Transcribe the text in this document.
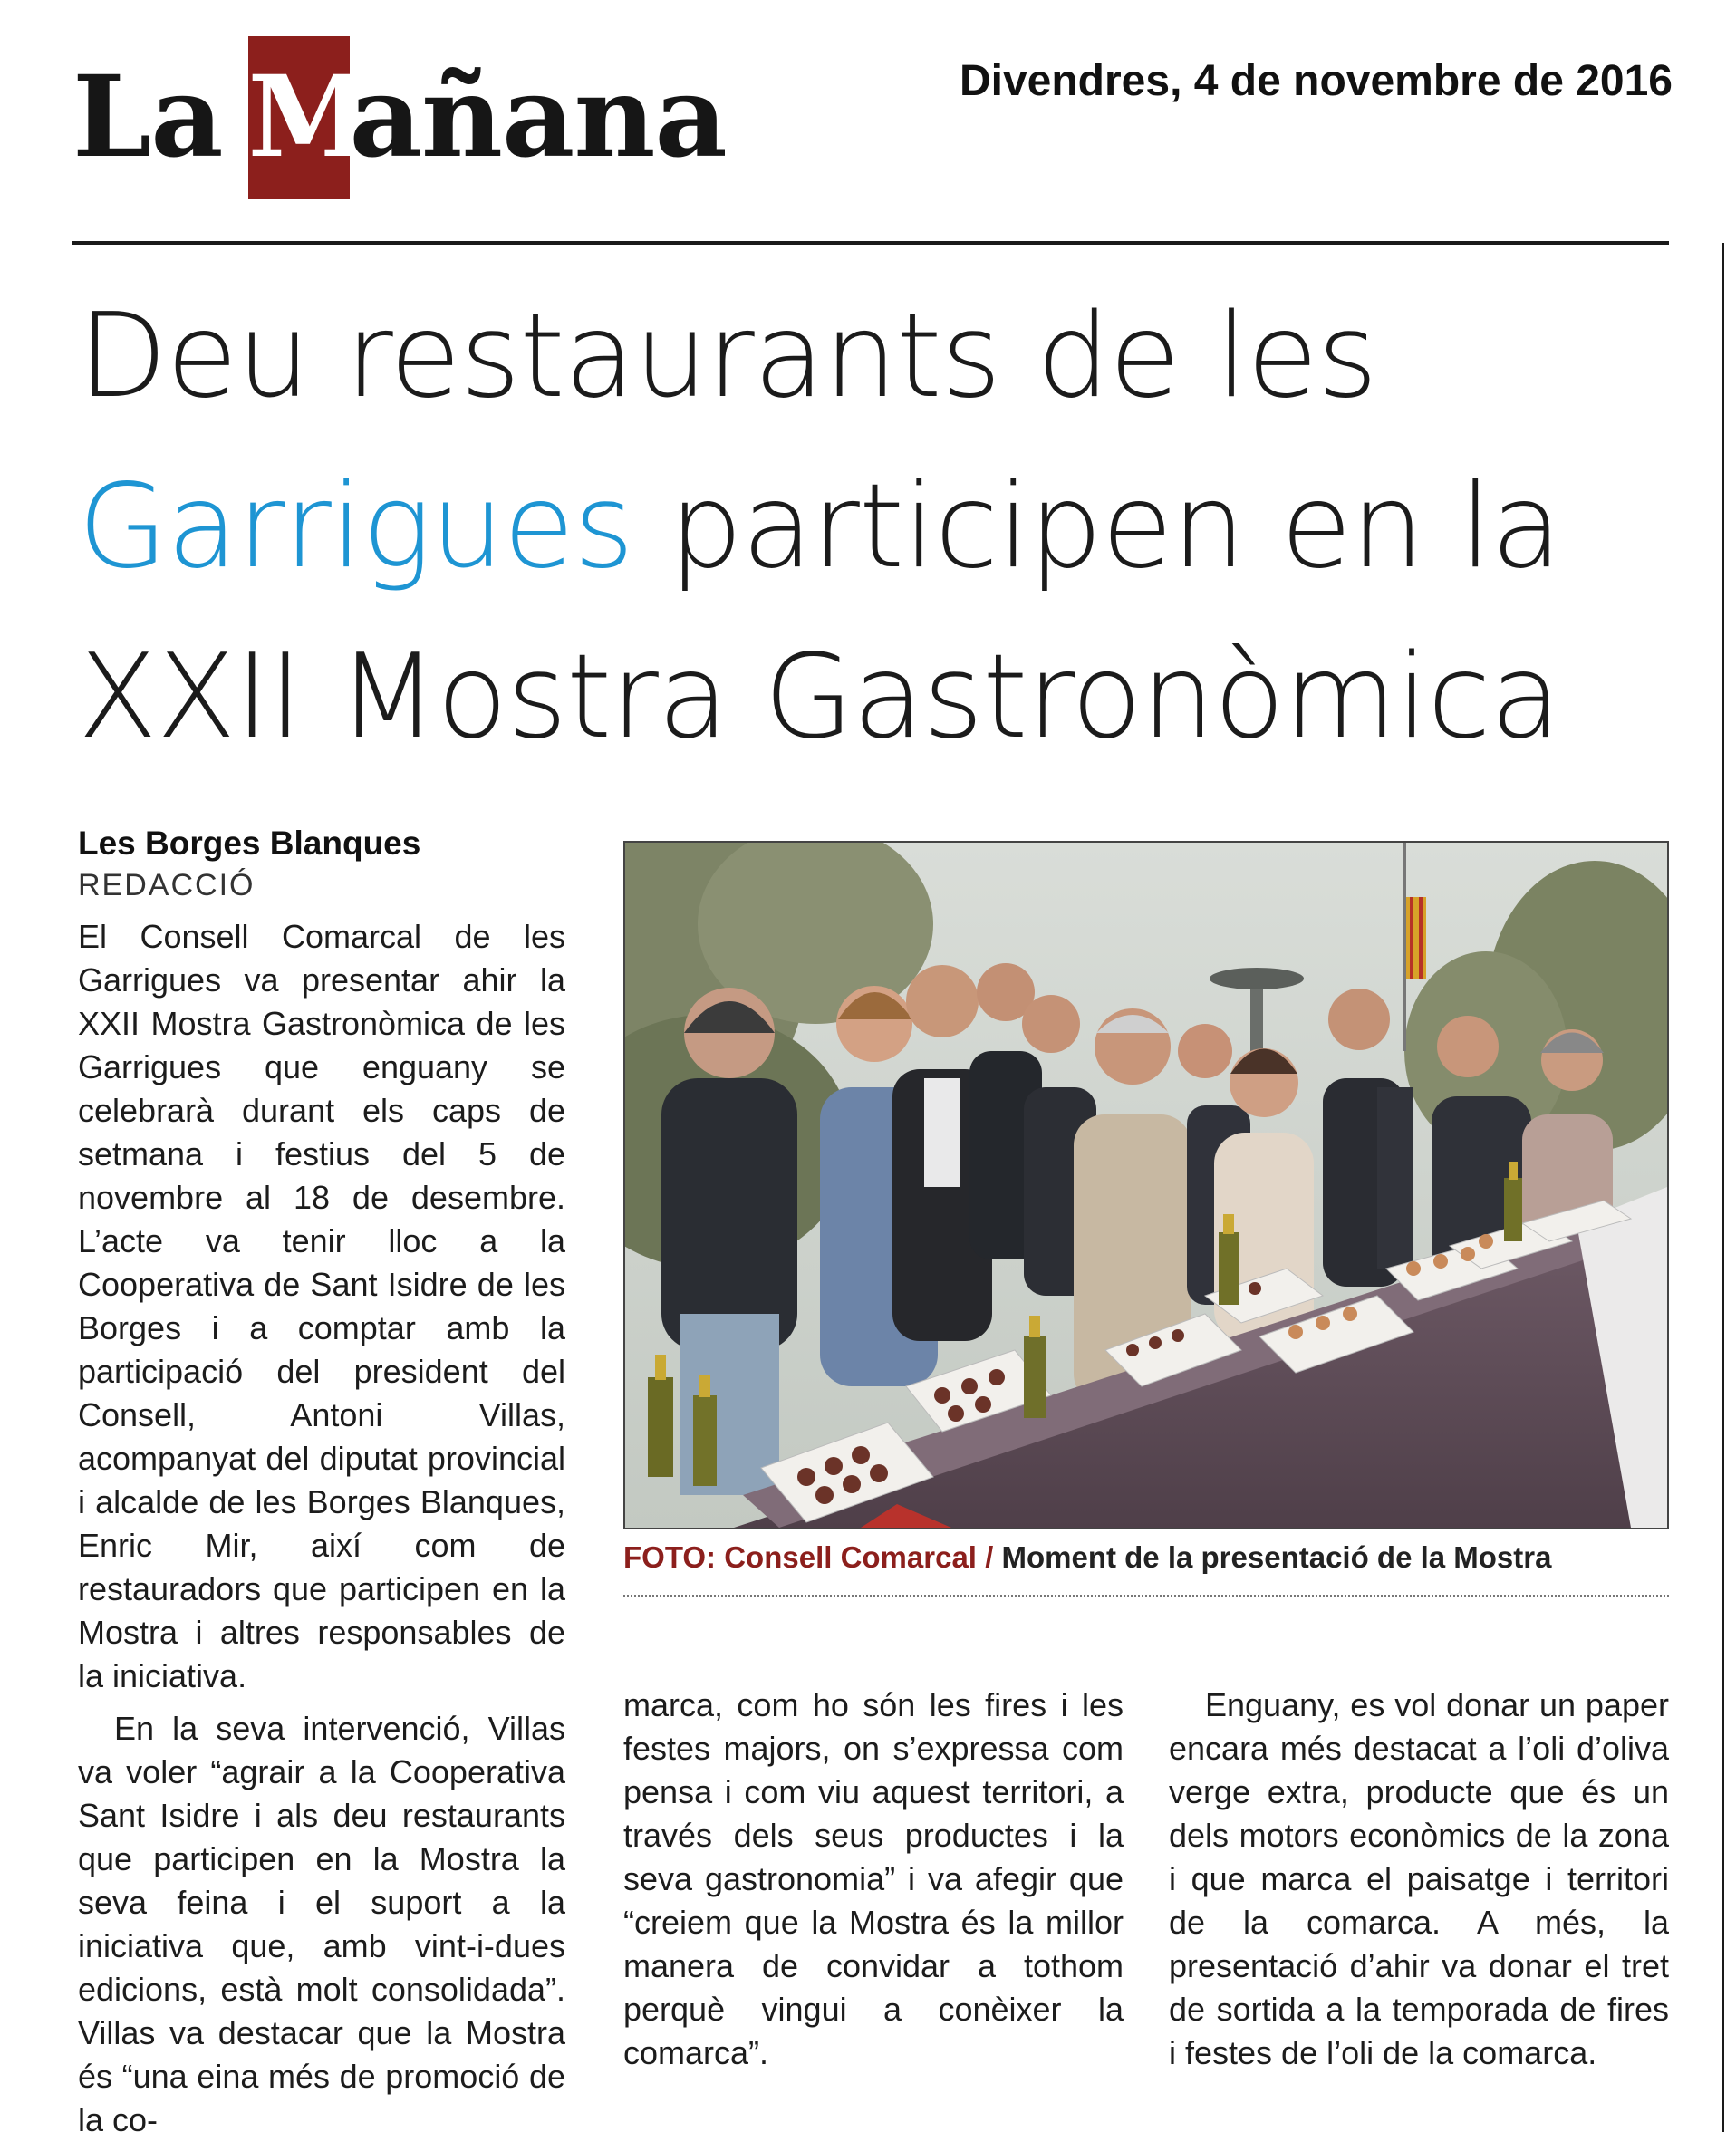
La Mañana	Divendres, 4 de novembre de 2016
Deu restaurants de les
Garrigues participen en la
XXII Mostra Gastronòmica
Les Borges Blanques
REDACCIÓ

El Consell Comarcal de les Garrigues va presentar ahir la XXII Mostra Gastronòmica de les Garrigues que enguany se celebrarà durant els caps de setmana i festius del 5 de novembre al 18 de desembre. L’acte va tenir lloc a la Cooperativa de Sant Isidre de les Borges i a comptar amb la participació del president del Consell, Antoni Villas, acompanyat del diputat provincial i alcalde de les Borges Blanques, Enric Mir, així com de restauradors que participen en la Mostra i altres responsables de la iniciativa.

En la seva intervenció, Villas va voler “agrair a la Cooperativa Sant Isidre i als deu restaurants que participen en la Mostra la seva feina i el suport a la iniciativa que, amb vint-i-dues edicions, està molt consolidada”. Villas va destacar que la Mostra és “una eina més de promoció de la co-

FOTO: Consell Comarcal / Moment de la presentació de la Mostra

marca, com ho són les fires i les festes majors, on s’expressa com pensa i com viu aquest territori, a través dels seus productes i la seva gastronomia” i va afegir que “creiem que la Mostra és la millor manera de convidar a tothom perquè vingui a conèixer la comarca”.

Enguany, es vol donar un paper encara més destacat a l’oli d’oliva verge extra, producte que és un dels motors econòmics de la zona i que marca el paisatge i territori de la comarca. A més, la presentació d’ahir va donar el tret de sortida a la temporada de fires i festes de l’oli de la comarca.
